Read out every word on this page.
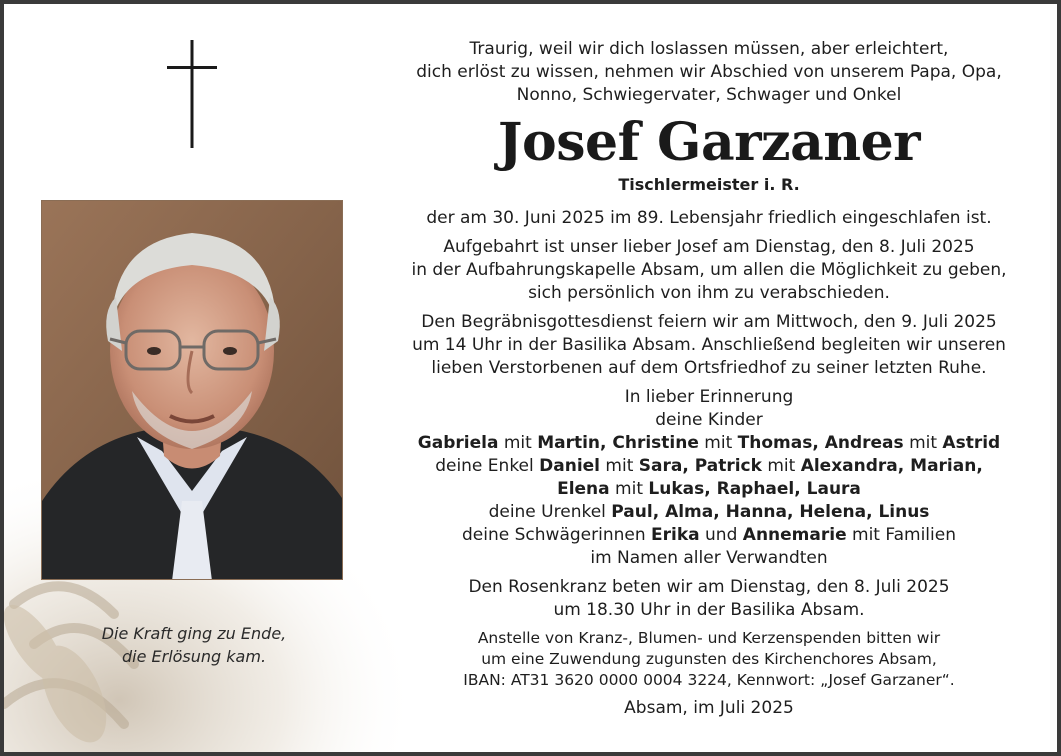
Die Kraft ging zu Ende,
die Erlösung kam.
Traurig, weil wir dich loslassen müssen, aber erleichtert,
dich erlöst zu wissen, nehmen wir Abschied von unserem Papa, Opa,
Nonno, Schwiegervater, Schwager und Onkel
Josef Garzaner
Tischlermeister i. R.
der am 30. Juni 2025 im 89. Lebensjahr friedlich eingeschlafen ist.
Aufgebahrt ist unser lieber Josef am Dienstag, den 8. Juli 2025
in der Aufbahrungskapelle Absam, um allen die Möglichkeit zu geben,
sich persönlich von ihm zu verabschieden.
Den Begräbnisgottesdienst feiern wir am Mittwoch, den 9. Juli 2025
um 14 Uhr in der Basilika Absam. Anschließend begleiten wir unseren
lieben Verstorbenen auf dem Ortsfriedhof zu seiner letzten Ruhe.
In lieber Erinnerung
deine Kinder
Gabriela mit Martin, Christine mit Thomas, Andreas mit Astrid
deine Enkel Daniel mit Sara, Patrick mit Alexandra, Marian,
Elena mit Lukas, Raphael, Laura
deine Urenkel Paul, Alma, Hanna, Helena, Linus
deine Schwägerinnen Erika und Annemarie mit Familien
im Namen aller Verwandten
Den Rosenkranz beten wir am Dienstag, den 8. Juli 2025
um 18.30 Uhr in der Basilika Absam.
Anstelle von Kranz-, Blumen- und Kerzenspenden bitten wir
um eine Zuwendung zugunsten des Kirchenchores Absam,
IBAN: AT31 3620 0000 0004 3224, Kennwort: „Josef Garzaner“.
Absam, im Juli 2025
